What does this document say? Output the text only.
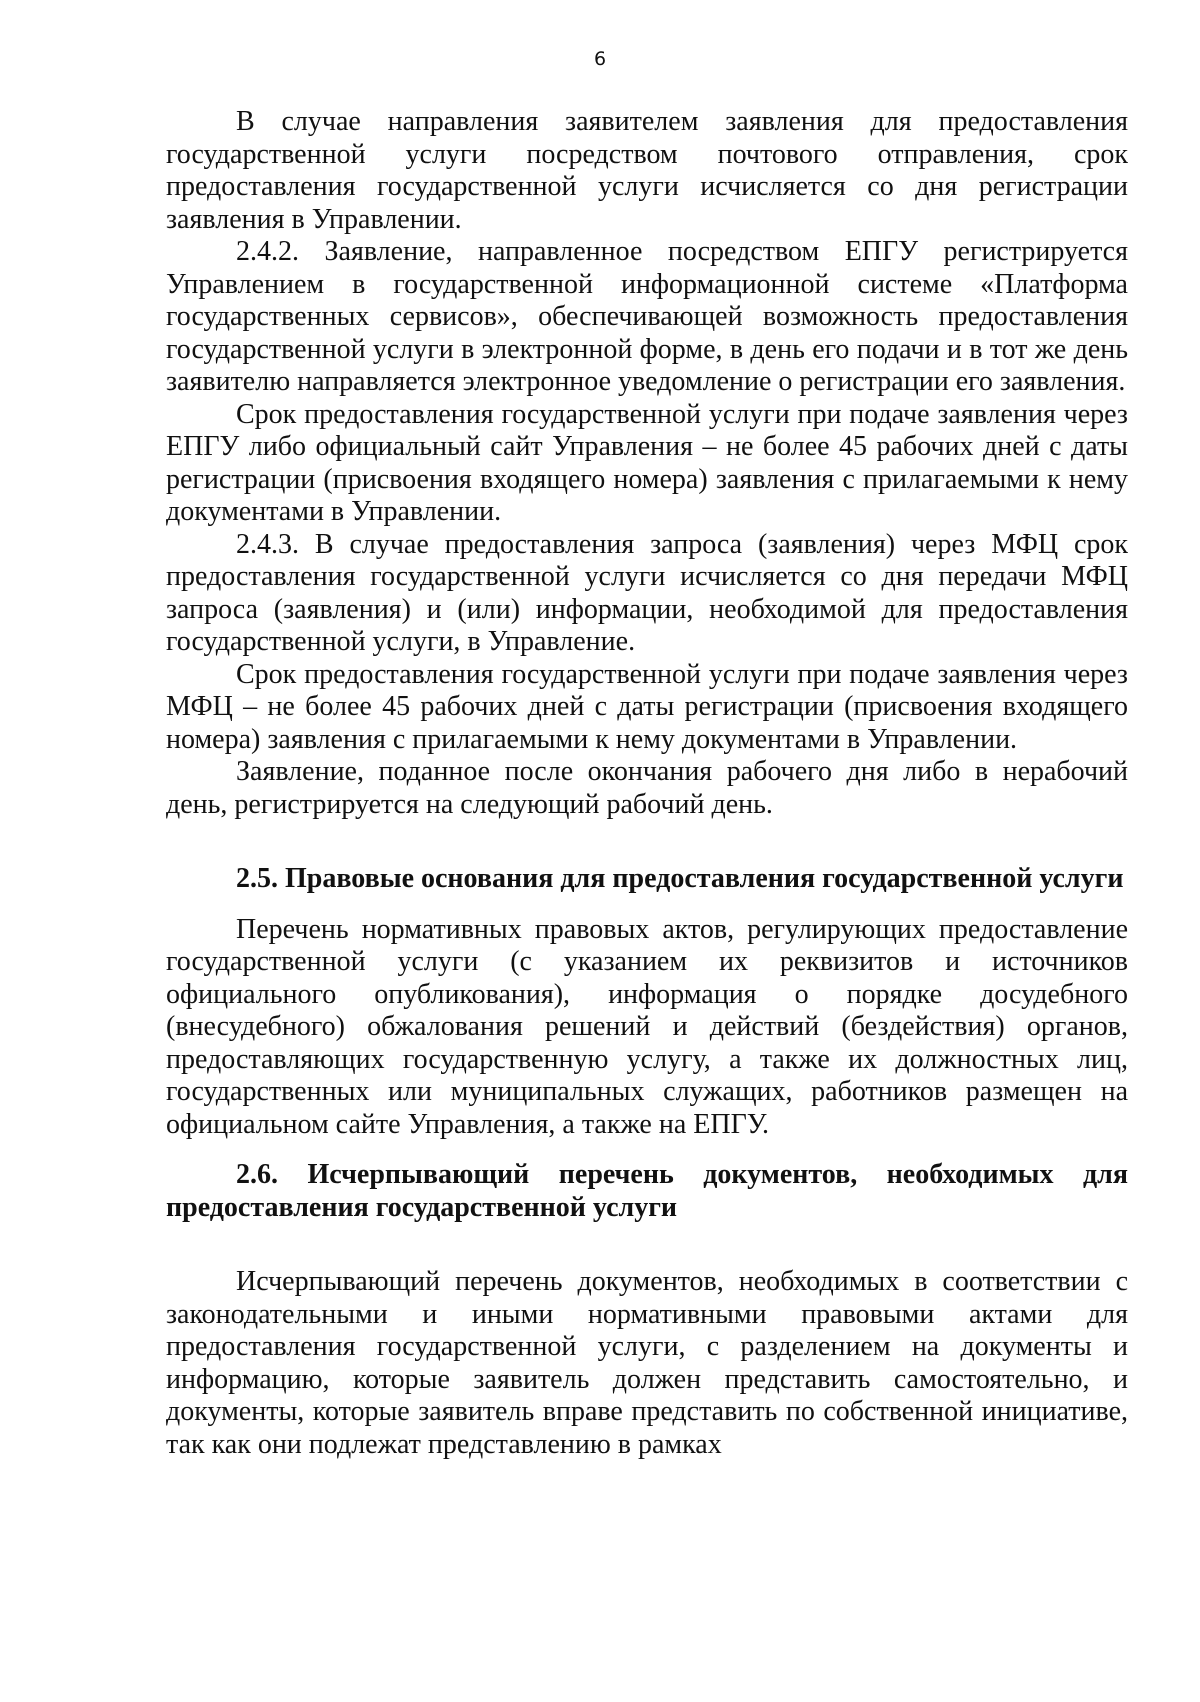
6

В случае направления заявителем заявления для предоставления государственной услуги посредством почтового отправления, срок предоставления государственной услуги исчисляется со дня регистрации заявления в Управлении.

2.4.2. Заявление, направленное посредством ЕПГУ регистрируется Управлением в государственной информационной системе «Платформа государственных сервисов», обеспечивающей возможность предоставления государственной услуги в электронной форме, в день его подачи и в тот же день заявителю направляется электронное уведомление о регистрации его заявления.

Срок предоставления государственной услуги при подаче заявления через ЕПГУ либо официальный сайт Управления – не более 45 рабочих дней с даты регистрации (присвоения входящего номера) заявления с прилагаемыми к нему документами в Управлении.

2.4.3. В случае предоставления запроса (заявления) через МФЦ срок предоставления государственной услуги исчисляется со дня передачи МФЦ запроса (заявления) и (или) информации, необходимой для предоставления государственной услуги, в Управление.

Срок предоставления государственной услуги при подаче заявления через МФЦ – не более 45 рабочих дней с даты регистрации (присвоения входящего номера) заявления с прилагаемыми к нему документами в Управлении.

Заявление, поданное после окончания рабочего дня либо в нерабочий день, регистрируется на следующий рабочий день.

2.5. Правовые основания для предоставления государственной услуги

Перечень нормативных правовых актов, регулирующих предоставление государственной услуги (с указанием их реквизитов и источников официального опубликования), информация о порядке досудебного (внесудебного) обжалования решений и действий (бездействия) органов, предоставляющих государственную услугу, а также их должностных лиц, государственных или муниципальных служащих, работников размещен на официальном сайте Управления, а также на ЕПГУ.

2.6. Исчерпывающий перечень документов, необходимых для предоставления государственной услуги

Исчерпывающий перечень документов, необходимых в соответствии с законодательными и иными нормативными правовыми актами для предоставления государственной услуги, с разделением на документы и информацию, которые заявитель должен представить самостоятельно, и документы, которые заявитель вправе представить по собственной инициативе, так как они подлежат представлению в рамках
